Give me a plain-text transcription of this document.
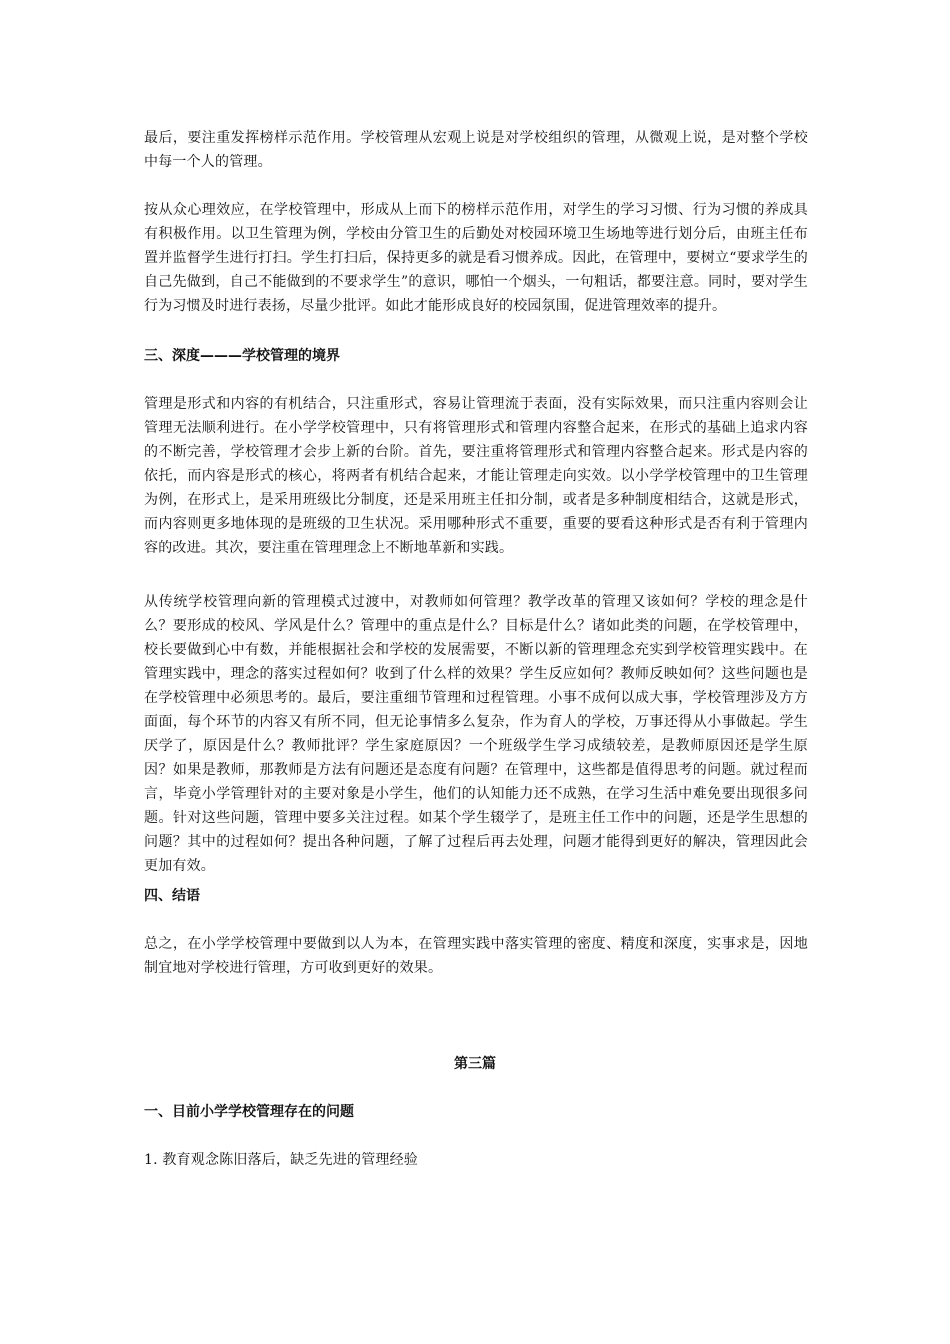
最后，要注重发挥榜样示范作用。学校管理从宏观上说是对学校组织的管理，从微观上说，是对整个学校中每一个人的管理。

按从众心理效应，在学校管理中，形成从上而下的榜样示范作用，对学生的学习习惯、行为习惯的养成具有积极作用。以卫生管理为例，学校由分管卫生的后勤处对校园环境卫生场地等进行划分后，由班主任布置并监督学生进行打扫。学生打扫后，保持更多的就是看习惯养成。因此，在管理中，要树立“要求学生的自己先做到，自己不能做到的不要求学生”的意识，哪怕一个烟头，一句粗话，都要注意。同时，要对学生行为习惯及时进行表扬，尽量少批评。如此才能形成良好的校园氛围，促进管理效率的提升。

三、深度———学校管理的境界

管理是形式和内容的有机结合，只注重形式，容易让管理流于表面，没有实际效果，而只注重内容则会让管理无法顺利进行。在小学学校管理中，只有将管理形式和管理内容整合起来，在形式的基础上追求内容的不断完善，学校管理才会步上新的台阶。首先，要注重将管理形式和管理内容整合起来。形式是内容的依托，而内容是形式的核心，将两者有机结合起来，才能让管理走向实效。以小学学校管理中的卫生管理为例，在形式上，是采用班级比分制度，还是采用班主任扣分制，或者是多种制度相结合，这就是形式，而内容则更多地体现的是班级的卫生状况。采用哪种形式不重要，重要的要看这种形式是否有利于管理内容的改进。其次，要注重在管理理念上不断地革新和实践。

从传统学校管理向新的管理模式过渡中，对教师如何管理？教学改革的管理又该如何？学校的理念是什么？要形成的校风、学风是什么？管理中的重点是什么？目标是什么？诸如此类的问题，在学校管理中，校长要做到心中有数，并能根据社会和学校的发展需要，不断以新的管理理念充实到学校管理实践中。在管理实践中，理念的落实过程如何？收到了什么样的效果？学生反应如何？教师反映如何？这些问题也是在学校管理中必须思考的。最后，要注重细节管理和过程管理。小事不成何以成大事，学校管理涉及方方面面，每个环节的内容又有所不同，但无论事情多么复杂，作为育人的学校，万事还得从小事做起。学生厌学了，原因是什么？教师批评？学生家庭原因？一个班级学生学习成绩较差，是教师原因还是学生原因？如果是教师，那教师是方法有问题还是态度有问题？在管理中，这些都是值得思考的问题。就过程而言，毕竟小学管理针对的主要对象是小学生，他们的认知能力还不成熟，在学习生活中难免要出现很多问题。针对这些问题，管理中要多关注过程。如某个学生辍学了，是班主任工作中的问题，还是学生思想的问题？其中的过程如何？提出各种问题，了解了过程后再去处理，问题才能得到更好的解决，管理因此会更加有效。

四、结语

总之，在小学学校管理中要做到以人为本，在管理实践中落实管理的密度、精度和深度，实事求是，因地制宜地对学校进行管理，方可收到更好的效果。

第三篇

一、目前小学学校管理存在的问题

1. 教育观念陈旧落后，缺乏先进的管理经验
